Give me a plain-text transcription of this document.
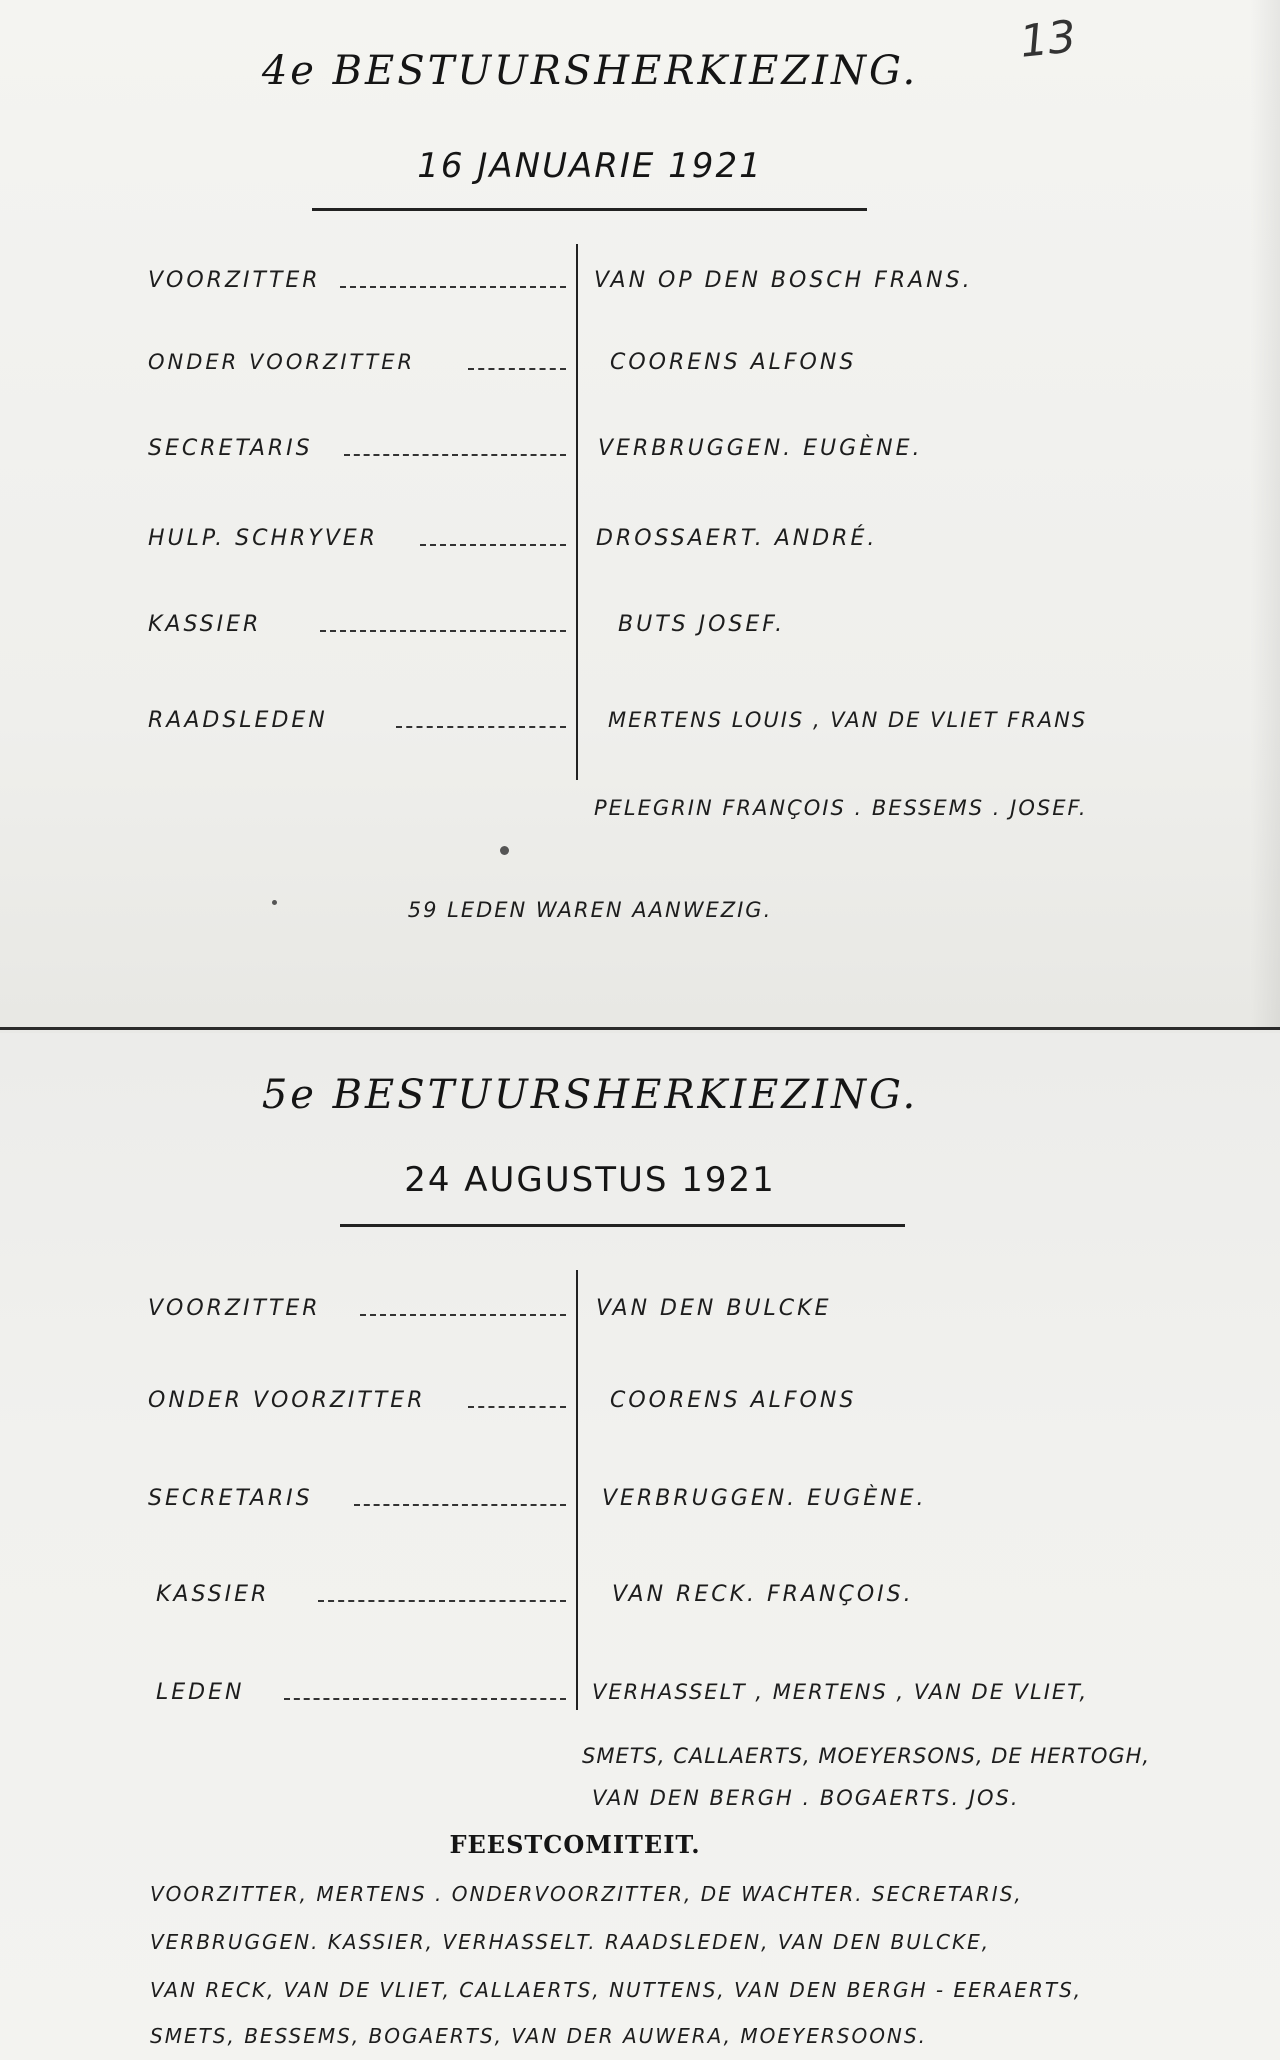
13
4e BESTUURSHERKIEZING.
16 JANUARIE 1921
VOORZITTER	VAN OP DEN BOSCH FRANS.
ONDER VOORZITTER	COORENS ALFONS
SECRETARIS	VERBRUGGEN. EUGÈNE.
HULP. SCHRYVER	DROSSAERT. ANDRÉ.
KASSIER	BUTS JOSEF.
RAADSLEDEN	MERTENS LOUIS , VAN DE VLIET FRANS
PELEGRIN FRANÇOIS . BESSEMS . JOSEF.
59 LEDEN WAREN AANWEZIG.
5e BESTUURSHERKIEZING.
24 AUGUSTUS 1921
VOORZITTER	VAN DEN BULCKE
ONDER VOORZITTER	COORENS ALFONS
SECRETARIS	VERBRUGGEN. EUGÈNE.
KASSIER	VAN RECK. FRANÇOIS.
LEDEN	VERHASSELT , MERTENS , VAN DE VLIET,
SMETS, CALLAERTS, MOEYERSONS, DE HERTOGH,
VAN DEN BERGH . BOGAERTS. JOS.
FEESTCOMITEIT.
VOORZITTER, MERTENS . ONDERVOORZITTER, DE WACHTER. SECRETARIS,
VERBRUGGEN. KASSIER, VERHASSELT. RAADSLEDEN, VAN DEN BULCKE,
VAN RECK, VAN DE VLIET, CALLAERTS, NUTTENS, VAN DEN BERGH - EERAERTS,
SMETS, BESSEMS, BOGAERTS, VAN DER AUWERA, MOEYERSOONS.
